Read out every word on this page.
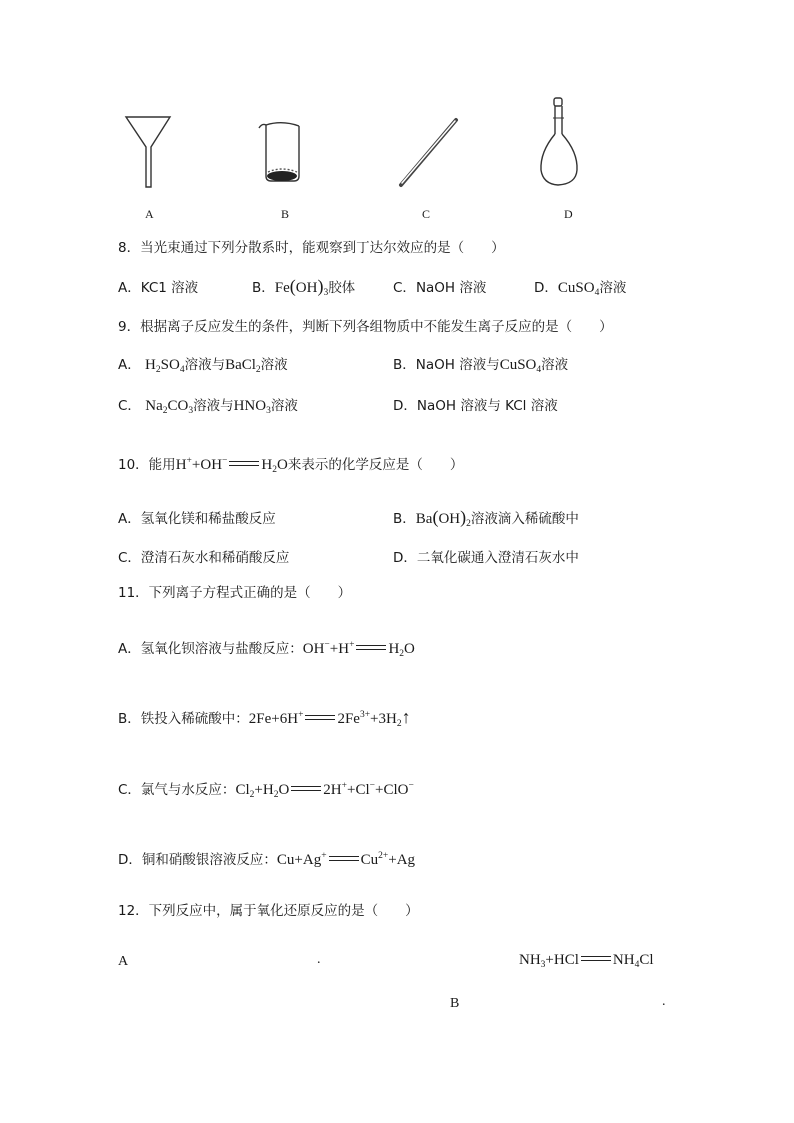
A	B	C	D
8．当光束通过下列分散系时，能观察到丁达尔效应的是（　　）
A．KC1 溶液	B．$Fe(OH)_3$胶体	C．NaOH 溶液	D．CuSO$_4$溶液
9．根据离子反应发生的条件，判断下列各组物质中不能发生离子反应的是（　　）
A． $H_2SO_4$溶液与BaCl$_2$溶液	B．NaOH 溶液与CuSO$_4$溶液
C． $Na_2CO_3$溶液与$HNO_3$溶液	D．NaOH 溶液与 KCl 溶液
10．能用H++OH− $H_2O$来表示的化学反应是（　　）
A．氢氧化镁和稀盐酸反应	B．$Ba(OH)_2$溶液滴入稀硫酸中
C．澄清石灰水和稀硝酸反应	D．二氧化碳通入澄清石灰水中
11．下列离子方程式正确的是（　　）
A．氢氧化钡溶液与盐酸反应：OH−+H+ $H_2O$
B．铁投入稀硫酸中：2Fe+6H+ $2Fe^{3+}+3H_2↑$
C．氯气与水反应：$Cl_2+H_2O$ 2H++Cl−+ClO−
D．铜和硝酸银溶液反应：Cu+Ag+ $Cu^{2+}+Ag$
12．下列反应中，属于氧化还原反应的是（　　）
A	.	$NH_3+HCl$ $NH_4Cl$
B	.
